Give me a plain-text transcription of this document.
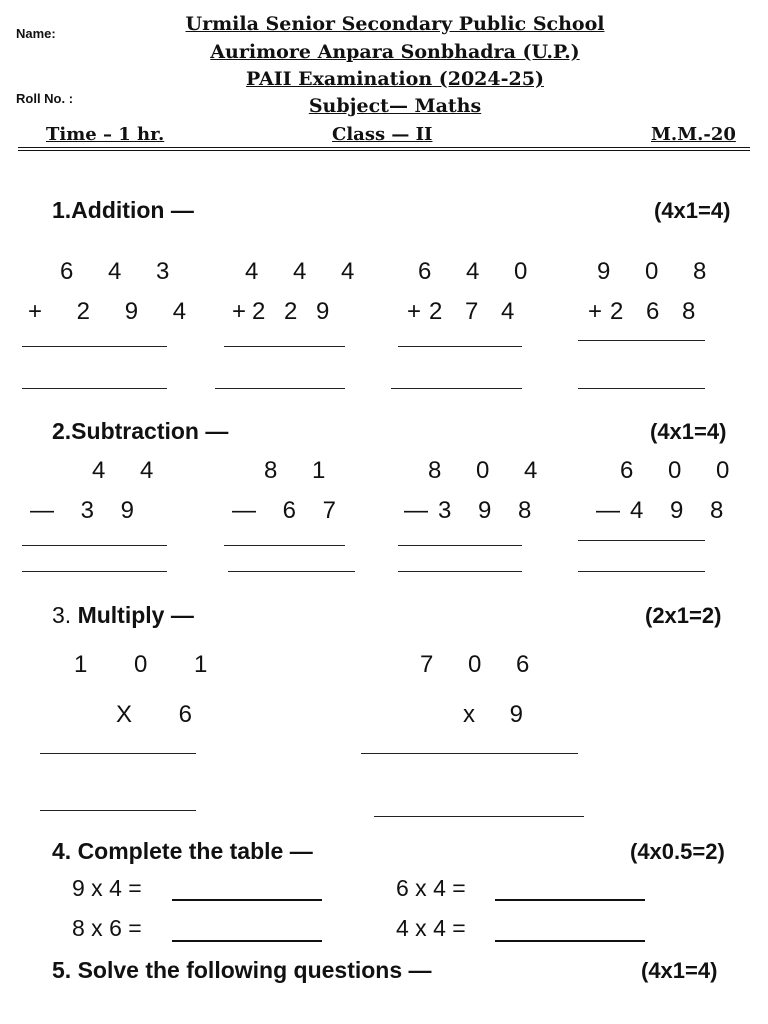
Name:
Roll No. :
Urmila Senior Secondary Public School
Aurimore Anpara Sonbhadra (U.P.)
PAII Examination (2024-25)
Subject— Maths
Time – 1 hr.	Class — II	M.M.-20
1.Addition —	(4x1=4)
6 4 3
+ 2 9 4
4 4 4
+2 2 9
6 4 0
+2 7 4
9 0 8
+2 6 8
2.Subtraction —	(4x1=4)
4 4
— 3 9
8 1
— 6 7
8 0 4
—3 9 8
6 0 0
—4 9 8
3. Multiply —	(2x1=2)
1 0 1
X 6
7 0 6
x 9
4. Complete the table —	(4x0.5=2)
9 x 4 =	6 x 4 =
8 x 6 =	4 x 4 =
5. Solve the following questions —	(4x1=4)
